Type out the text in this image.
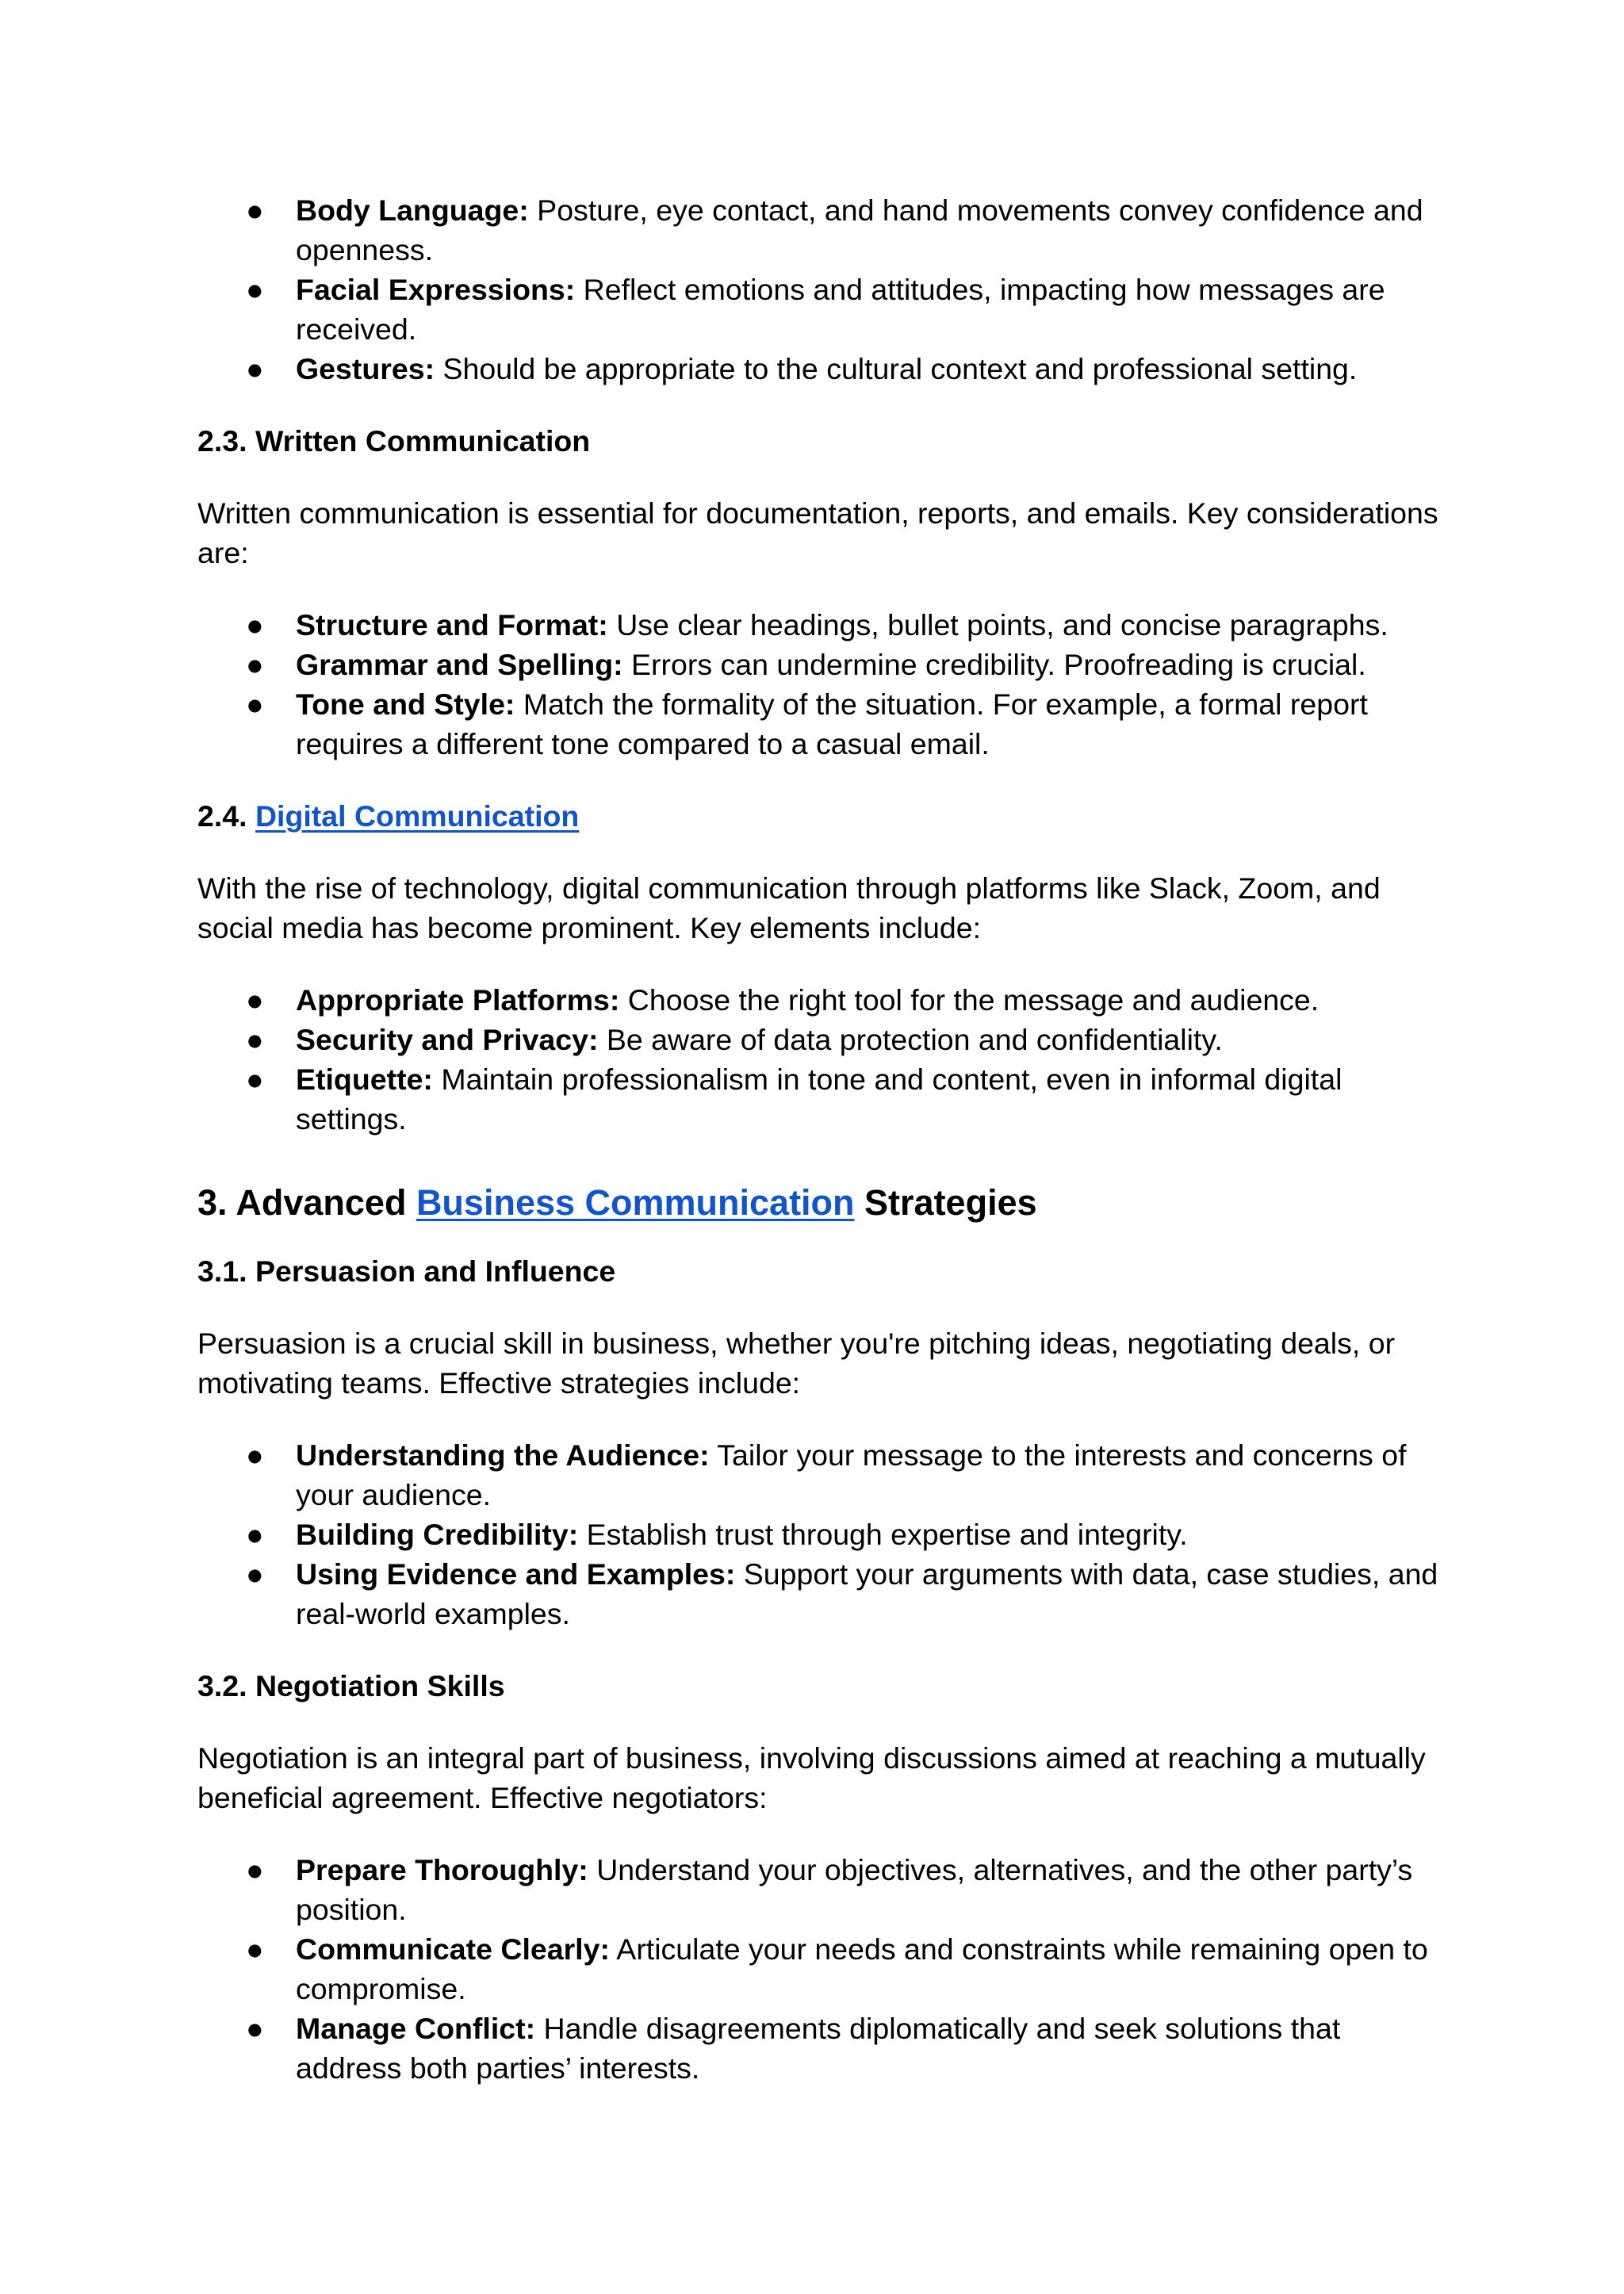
● Body Language: Posture, eye contact, and hand movements convey confidence and openness.
● Facial Expressions: Reflect emotions and attitudes, impacting how messages are received.
● Gestures: Should be appropriate to the cultural context and professional setting.

2.3. Written Communication

Written communication is essential for documentation, reports, and emails. Key considerations are:

● Structure and Format: Use clear headings, bullet points, and concise paragraphs.
● Grammar and Spelling: Errors can undermine credibility. Proofreading is crucial.
● Tone and Style: Match the formality of the situation. For example, a formal report requires a different tone compared to a casual email.

2.4. Digital Communication

With the rise of technology, digital communication through platforms like Slack, Zoom, and social media has become prominent. Key elements include:

● Appropriate Platforms: Choose the right tool for the message and audience.
● Security and Privacy: Be aware of data protection and confidentiality.
● Etiquette: Maintain professionalism in tone and content, even in informal digital settings.

3. Advanced Business Communication Strategies

3.1. Persuasion and Influence

Persuasion is a crucial skill in business, whether you're pitching ideas, negotiating deals, or motivating teams. Effective strategies include:

● Understanding the Audience: Tailor your message to the interests and concerns of your audience.
● Building Credibility: Establish trust through expertise and integrity.
● Using Evidence and Examples: Support your arguments with data, case studies, and real-world examples.

3.2. Negotiation Skills

Negotiation is an integral part of business, involving discussions aimed at reaching a mutually beneficial agreement. Effective negotiators:

● Prepare Thoroughly: Understand your objectives, alternatives, and the other party’s position.
● Communicate Clearly: Articulate your needs and constraints while remaining open to compromise.
● Manage Conflict: Handle disagreements diplomatically and seek solutions that address both parties’ interests.
